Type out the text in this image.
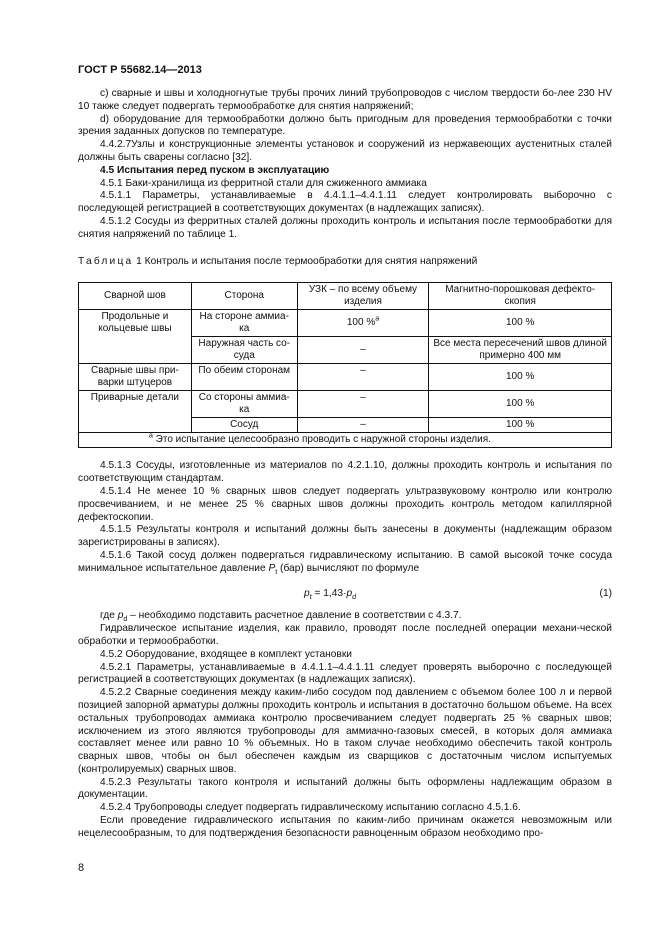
ГОСТ Р 55682.14—2013

с) сварные и швы и холодногнутые трубы прочих линий трубопроводов с числом твердости бо-лее 230 HV 10 также следует подвергать термообработке для снятия напряжений;

d) оборудование для термообработки должно быть пригодным для проведения термообработки с точки зрения заданных допусков по температуре.

4.4.2.7Узлы и конструкционные элементы установок и сооружений из нержавеющих аустенитных сталей должны быть сварены согласно [32].

4.5 Испытания перед пуском в эксплуатацию

4.5.1 Баки-хранилища из ферритной стали для сжиженного аммиака

4.5.1.1 Параметры, устанавливаемые в 4.4.1.1–4.4.1.11 следует контролировать выборочно с последующей регистрацией в соответствующих документах (в надлежащих записях).

4.5.1.2 Сосуды из ферритных сталей должны проходить контроль и испытания после термообработки для снятия напряжений по таблице 1.

Таблица 1 Контроль и испытания после термообработки для снятия напряжений

Сварной шов	Сторона	УЗК – по всему объему изделия	Магнитно-порошковая дефекто-скопия
Продольные и кольцевые швы	На стороне аммиа-ка	100 %$^а$	100 %
	Наружная часть со-суда	–	Все места пересечений швов длиной примерно 400 мм
Сварные швы при-варки штуцеров	По обеим сторонам	–	100 %
Приварные детали	Со стороны аммиа-ка	–	100 %
	Сосуд	–	100 %
$^а$ Это испытание целесообразно проводить с наружной стороны изделия.			

4.5.1.3 Сосуды, изготовленные из материалов по 4.2.1.10, должны проходить контроль и испытания по соответствующим стандартам.

4.5.1.4 Не менее 10 % сварных швов следует подвергать ультразвуковому контролю или контролю просвечиванием, и не менее 25 % сварных швов должны проходить контроль методом капиллярной дефектоскопии.

4.5.1.5 Результаты контроля и испытаний должны быть занесены в документы (надлежащим образом зарегистрированы в записях).

4.5.1.6 Такой сосуд должен подвергаться гидравлическому испытанию. В самой высокой точке сосуда минимальное испытательное давление $P_t$ (бар) вычисляют по формуле

$p_t = 1,43\cdot p_d$	(1)

где $p_d$ – необходимо подставить расчетное давление в соответствии с 4.3.7.

Гидравлическое испытание изделия, как правило, проводят после последней операции механи-ческой обработки и термообработки.

4.5.2 Оборудование, входящее в комплект установки

4.5.2.1 Параметры, устанавливаемые в 4.4.1.1–4.4.1.11 следует проверять выборочно с последующей регистрацией в соответствующих документах (в надлежащих записях).

4.5.2.2 Сварные соединения между каким-либо сосудом под давлением с объемом более 100 л и первой позицией запорной арматуры должны проходить контроль и испытания в достаточно большом объеме. На всех остальных трубопроводах аммиака контролю просвечиванием следует подвергать 25 % сварных швов; исключением из этого являются трубопроводы для аммиачно-газовых смесей, в которых доля аммиака составляет менее или равно 10 % объемных. Но в таком случае необходимо обеспечить такой контроль сварных швов, чтобы он был обеспечен каждым из сварщиков с достаточным числом испытуемых (контролируемых) сварных швов.

4.5.2.3 Результаты такого контроля и испытаний должны быть оформлены надлежащим образом в документации.

4.5.2.4 Трубопроводы следует подвергать гидравлическому испытанию согласно 4.5.1.6.

Если проведение гидравлического испытания по каким-либо причинам окажется невозможным или нецелесообразным, то для подтверждения безопасности равноценным образом необходимо про-

8
